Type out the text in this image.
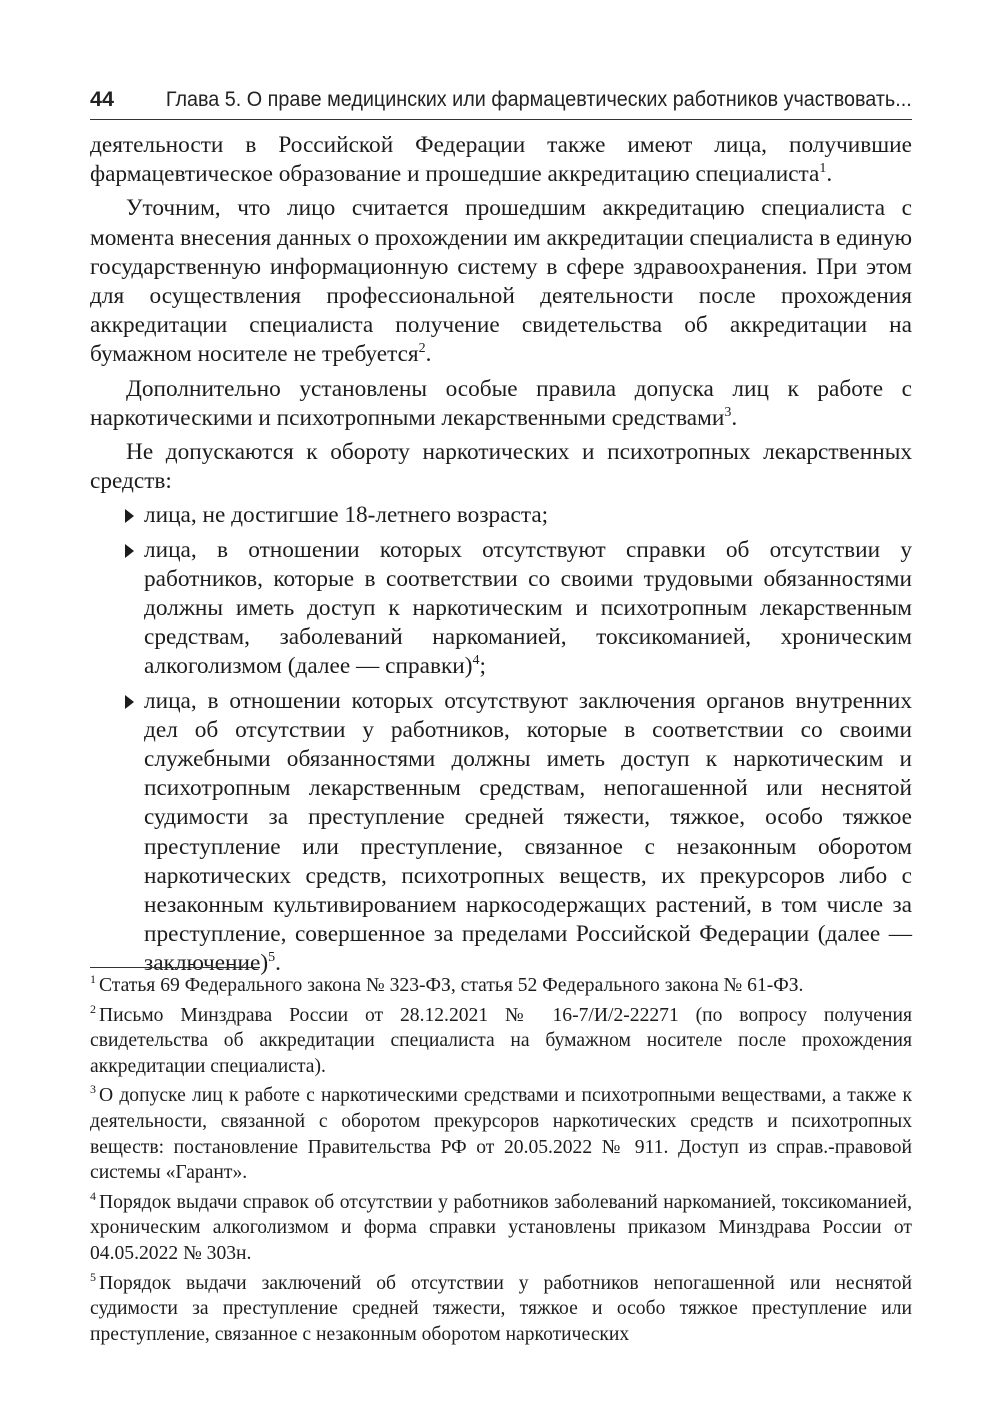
44 Глава 5. О праве медицинских или фармацевтических работников участвовать...

деятельности в Российской Федерации также имеют лица, получившие фармацевтическое образование и прошедшие аккредитацию специалиста$^1$.

Уточним, что лицо считается прошедшим аккредитацию специалиста с момента внесения данных о прохождении им аккредитации специалиста в единую государственную информационную систему в сфере здравоохранения. При этом для осуществления профессиональной деятельности после прохождения аккредитации специалиста получение свидетельства об аккредитации на бумажном носителе не требуется$^2$.

Дополнительно установлены особые правила допуска лиц к работе с наркотическими и психотропными лекарственными средствами$^3$.

Не допускаются к обороту наркотических и психотропных лекарственных средств:

лица, не достигшие 18-летнего возраста;
лица, в отношении которых отсутствуют справки об отсутствии у работников, которые в соответствии со своими трудовыми обязанностями должны иметь доступ к наркотическим и психотропным лекарственным средствам, заболеваний наркоманией, токсикоманией, хроническим алкоголизмом (далее — справки)$^4$;
лица, в отношении которых отсутствуют заключения органов внутренних дел об отсутствии у работников, которые в соответствии со своими служебными обязанностями должны иметь доступ к наркотическим и психотропным лекарственным средствам, непогашенной или неснятой судимости за преступление средней тяжести, тяжкое, особо тяжкое преступление или преступление, связанное с незаконным оборотом наркотических средств, психотропных веществ, их прекурсоров либо с незаконным культивированием наркосодержащих растений, в том числе за преступление, совершенное за пределами Российской Федерации (далее — заключение)$^5$.

$^1$ Статья 69 Федерального закона № 323-ФЗ, статья 52 Федерального закона № 61-ФЗ.

$^2$ Письмо Минздрава России от 28.12.2021 № 16-7/И/2-22271 (по вопросу получения свидетельства об аккредитации специалиста на бумажном носителе после прохождения аккредитации специалиста).

$^3$ О допуске лиц к работе с наркотическими средствами и психотропными веществами, а также к деятельности, связанной с оборотом прекурсоров наркотических средств и психотропных веществ: постановление Правительства РФ от 20.05.2022 № 911. Доступ из справ.-правовой системы «Гарант».

$^4$ Порядок выдачи справок об отсутствии у работников заболеваний наркоманией, токсикоманией, хроническим алкоголизмом и форма справки установлены приказом Минздрава России от 04.05.2022 № 303н.

$^5$ Порядок выдачи заключений об отсутствии у работников непогашенной или неснятой судимости за преступление средней тяжести, тяжкое и особо тяжкое преступление или преступление, связанное с незаконным оборотом наркотических
